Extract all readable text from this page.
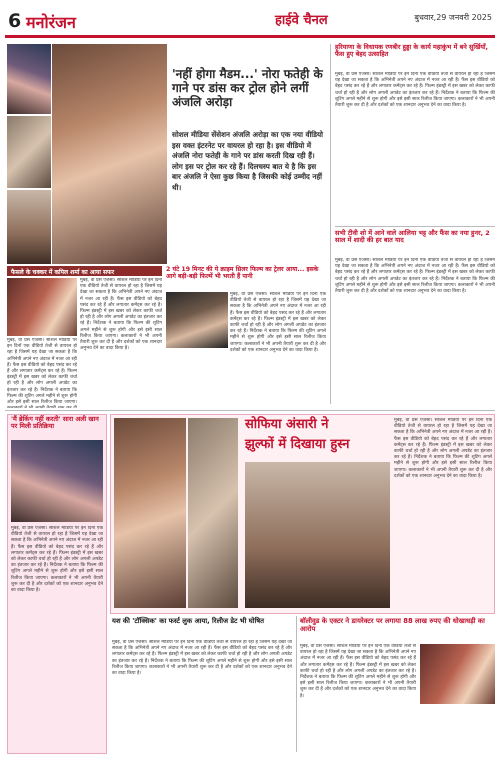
6 मनोरंजन	हाईवे चैनल	बुधवार,29 जनवरी 2025
'नहीं होगा मैडम...' नोरा फतेही के गाने पर डांस कर ट्रोल होने लगीं अंजलि अरोड़ा
सोशल मीडिया सेंसेशन अंजलि अरोड़ा का एक नया वीडियो इस वक्त इंटरनेट पर वायरल हो रहा है। इस वीडियो में अंजलि नोरा फतेही के गाने पर डांस करती दिख रही हैं। लोग इस पर ट्रोल कर रहे हैं। दिलचस्प बात ये है कि इस बार अंजलि ने ऐसा कुछ किया है जिसकी कोई उम्मीद नहीं थी।
हरियाणा के विधायक रणबीर हुड्डा के कार्य महाकुंभ में बने सुर्खियाँ, फैंस हुए बेहद उत्साहित
मुंबई, वी प्रेस एजेंसी। सोशल मीडिया पर इन दिनों एक वीडियो तेजी से वायरल हो रहा है जिसमें यह देखा जा सकता है कि अभिनेत्री अपने नए अंदाज में नजर आ रही हैं। फैंस इस वीडियो को बेहद पसंद कर रहे हैं और लगातार कमेंट्स कर रहे हैं। फिल्म इंडस्ट्री में इस खबर को लेकर काफी चर्चा हो रही है और लोग अगली अपडेट का इंतजार कर रहे हैं। निर्देशक ने बताया कि फिल्म की शूटिंग अगले महीने से शुरू होगी और इसे इसी साल रिलीज किया जाएगा। कलाकारों ने भी अपनी तैयारी शुरू कर दी है और दर्शकों को एक शानदार अनुभव देने का वादा किया है।
सभी टीवी शो में आने वाले आलिया भट्ट और फैंस का नया हुनर, 2 साल में शादी की हर बात याद
मुंबई, वी प्रेस एजेंसी। सोशल मीडिया पर इन दिनों एक वीडियो तेजी से वायरल हो रहा है जिसमें यह देखा जा सकता है कि अभिनेत्री अपने नए अंदाज में नजर आ रही हैं। फैंस इस वीडियो को बेहद पसंद कर रहे हैं और लगातार कमेंट्स कर रहे हैं। फिल्म इंडस्ट्री में इस खबर को लेकर काफी चर्चा हो रही है और लोग अगली अपडेट का इंतजार कर रहे हैं। निर्देशक ने बताया कि फिल्म की शूटिंग अगले महीने से शुरू होगी और इसे इसी साल रिलीज किया जाएगा। कलाकारों ने भी अपनी तैयारी शुरू कर दी है और दर्शकों को एक शानदार अनुभव देने का वादा किया है।
फैसले के चक्कर में कपिल शर्मा का आया सफर
मुंबई, वी प्रेस एजेंसी। सोशल मीडिया पर इन दिनों एक वीडियो तेजी से वायरल हो रहा है जिसमें यह देखा जा सकता है कि अभिनेत्री अपने नए अंदाज में नजर आ रही हैं। फैंस इस वीडियो को बेहद पसंद कर रहे हैं और लगातार कमेंट्स कर रहे हैं। फिल्म इंडस्ट्री में इस खबर को लेकर काफी चर्चा हो रही है और लोग अगली अपडेट का इंतजार कर रहे हैं। निर्देशक ने बताया कि फिल्म की शूटिंग अगले महीने से शुरू होगी और इसे इसी साल रिलीज किया जाएगा। कलाकारों ने भी अपनी तैयारी शुरू कर दी है और दर्शकों को एक शानदार अनुभव देने का वादा किया है।
मुंबई, वी प्रेस एजेंसी। सोशल मीडिया पर इन दिनों एक वीडियो तेजी से वायरल हो रहा है जिसमें यह देखा जा सकता है कि अभिनेत्री अपने नए अंदाज में नजर आ रही हैं। फैंस इस वीडियो को बेहद पसंद कर रहे हैं और लगातार कमेंट्स कर रहे हैं। फिल्म इंडस्ट्री में इस खबर को लेकर काफी चर्चा हो रही है और लोग अगली अपडेट का इंतजार कर रहे हैं। निर्देशक ने बताया कि फिल्म की शूटिंग अगले महीने से शुरू होगी और इसे इसी साल रिलीज किया जाएगा।
2 घंटे 19 मिनट की ये क्राइम थ्रिलर फिल्म का ट्रेलर आया... इसके आगे बड़ी-बड़ी फिल्में भी भरती हैं पानी
मुंबई, वी प्रेस एजेंसी। सोशल मीडिया पर इन दिनों एक वीडियो तेजी से वायरल हो रहा है जिसमें यह देखा जा सकता है कि अभिनेत्री अपने नए अंदाज में नजर आ रही हैं। फैंस इस वीडियो को बेहद पसंद कर रहे हैं और लगातार कमेंट्स कर रहे हैं। फिल्म इंडस्ट्री में इस खबर को लेकर काफी चर्चा हो रही है और लोग अगली अपडेट का इंतजार कर रहे हैं। निर्देशक ने बताया कि फिल्म की शूटिंग अगले महीने से शुरू होगी और इसे इसी साल रिलीज किया जाएगा। कलाकारों ने भी अपनी तैयारी शुरू कर दी है और दर्शकों को एक शानदार अनुभव देने का वादा किया है।
'मैं ब्रेकिंग नहीं करती' सारा अली खान पर मिली प्रतिक्रिया
मुंबई, वी प्रेस एजेंसी। सोशल मीडिया पर इन दिनों एक वीडियो तेजी से वायरल हो रहा है जिसमें यह देखा जा सकता है कि अभिनेत्री अपने नए अंदाज में नजर आ रही हैं। फैंस इस वीडियो को बेहद पसंद कर रहे हैं और लगातार कमेंट्स कर रहे हैं। फिल्म इंडस्ट्री में इस खबर को लेकर काफी चर्चा हो रही है और लोग अगली अपडेट का इंतजार कर रहे हैं। निर्देशक ने बताया कि फिल्म की शूटिंग अगले महीने से शुरू होगी और इसे इसी साल रिलीज किया जाएगा। कलाकारों ने भी अपनी तैयारी शुरू कर दी है और दर्शकों को एक शानदार अनुभव देने का वादा किया है।
सोफिया अंसारी ने
झुल्फों में दिखाया हुस्न
मुंबई, वी प्रेस एजेंसी। सोशल मीडिया पर इन दिनों एक वीडियो तेजी से वायरल हो रहा है जिसमें यह देखा जा सकता है कि अभिनेत्री अपने नए अंदाज में नजर आ रही हैं। फैंस इस वीडियो को बेहद पसंद कर रहे हैं और लगातार कमेंट्स कर रहे हैं। फिल्म इंडस्ट्री में इस खबर को लेकर काफी चर्चा हो रही है और लोग अगली अपडेट का इंतजार कर रहे हैं। निर्देशक ने बताया कि फिल्म की शूटिंग अगले महीने से शुरू होगी और इसे इसी साल रिलीज किया जाएगा। कलाकारों ने भी अपनी तैयारी शुरू कर दी है और दर्शकों को एक शानदार अनुभव देने का वादा किया है।
यश की 'टॉक्सिक' का फर्स्ट लुक आया, रिलीज डेट भी घोषित
मुंबई, वी प्रेस एजेंसी। सोशल मीडिया पर इन दिनों एक वीडियो तेजी से वायरल हो रहा है जिसमें यह देखा जा सकता है कि अभिनेत्री अपने नए अंदाज में नजर आ रही हैं। फैंस इस वीडियो को बेहद पसंद कर रहे हैं और लगातार कमेंट्स कर रहे हैं। फिल्म इंडस्ट्री में इस खबर को लेकर काफी चर्चा हो रही है और लोग अगली अपडेट का इंतजार कर रहे हैं। निर्देशक ने बताया कि फिल्म की शूटिंग अगले महीने से शुरू होगी और इसे इसी साल रिलीज किया जाएगा। कलाकारों ने भी अपनी तैयारी शुरू कर दी है और दर्शकों को एक शानदार अनुभव देने का वादा किया है।
बॉलीवुड के एक्टर ने डायरेक्टर पर लगाया 88 लाख रुपए की धोखाधड़ी का आरोप
मुंबई, वी प्रेस एजेंसी। सोशल मीडिया पर इन दिनों एक वीडियो तेजी से वायरल हो रहा है जिसमें यह देखा जा सकता है कि अभिनेत्री अपने नए अंदाज में नजर आ रही हैं। फैंस इस वीडियो को बेहद पसंद कर रहे हैं और लगातार कमेंट्स कर रहे हैं। फिल्म इंडस्ट्री में इस खबर को लेकर काफी चर्चा हो रही है और लोग अगली अपडेट का इंतजार कर रहे हैं। निर्देशक ने बताया कि फिल्म की शूटिंग अगले महीने से शुरू होगी और इसे इसी साल रिलीज किया जाएगा। कलाकारों ने भी अपनी तैयारी शुरू कर दी है और दर्शकों को एक शानदार अनुभव देने का वादा किया है।
